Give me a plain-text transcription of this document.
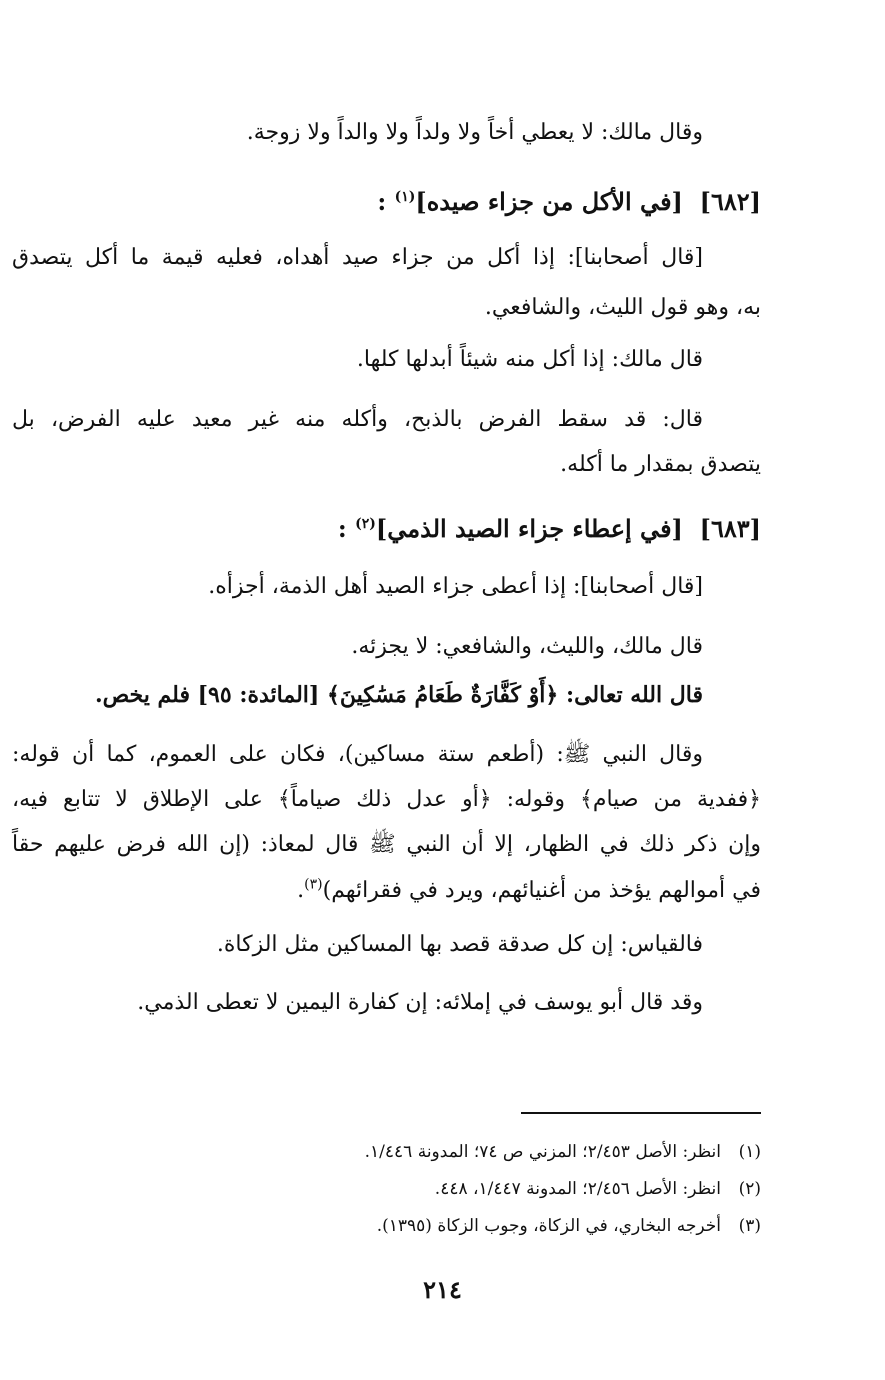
وقال مالك: لا يعطي أخاً ولا ولداً ولا والداً ولا زوجة.
[٦٨٢]  [في الأكل من جزاء صيده]$^{(١)}$ :
[قال أصحابنا]: إذا أكل من جزاء صيد أهداه، فعليه قيمة ما أكل يتصدق
به، وهو قول الليث، والشافعي.
قال مالك: إذا أكل منه شيئاً أبدلها كلها.
قال: قد سقط الفرض بالذبح، وأكله منه غير معيد عليه الفرض، بل
يتصدق بمقدار ما أكله.
[٦٨٣]  [في إعطاء جزاء الصيد الذمي]$^{(٢)}$ :
[قال أصحابنا]: إذا أعطى جزاء الصيد أهل الذمة، أجزأه.
قال مالك، والليث، والشافعي: لا يجزئه.
قال الله تعالى: ﴿أَوْ كَفَّارَةٌ طَعَامُ مَسَٰكِينَ﴾ [المائدة: ٩٥] فلم يخص.
وقال النبي ﷺ: (أطعم ستة مساكين)، فكان على العموم، كما أن قوله:
﴿ففدية من صيام﴾ وقوله: ﴿أو عدل ذلك صياماً﴾ على الإطلاق لا تتابع فيه،
وإن ذكر ذلك في الظهار، إلا أن النبي ﷺ قال لمعاذ: (إن الله فرض عليهم حقاً
في أموالهم يؤخذ من أغنيائهم، ويرد في فقرائهم)$^{(٣)}$.
فالقياس: إن كل صدقة قصد بها المساكين مثل الزكاة.
وقد قال أبو يوسف في إملائه: إن كفارة اليمين لا تعطى الذمي.
(١)انظر: الأصل ٢/٤٥٣؛ المزني ص ٧٤؛ المدونة ١/٤٤٦.
(٢)انظر: الأصل ٢/٤٥٦؛ المدونة ١/٤٤٧، ٤٤٨.
(٣)أخرجه البخاري، في الزكاة، وجوب الزكاة (١٣٩٥).
٢١٤
